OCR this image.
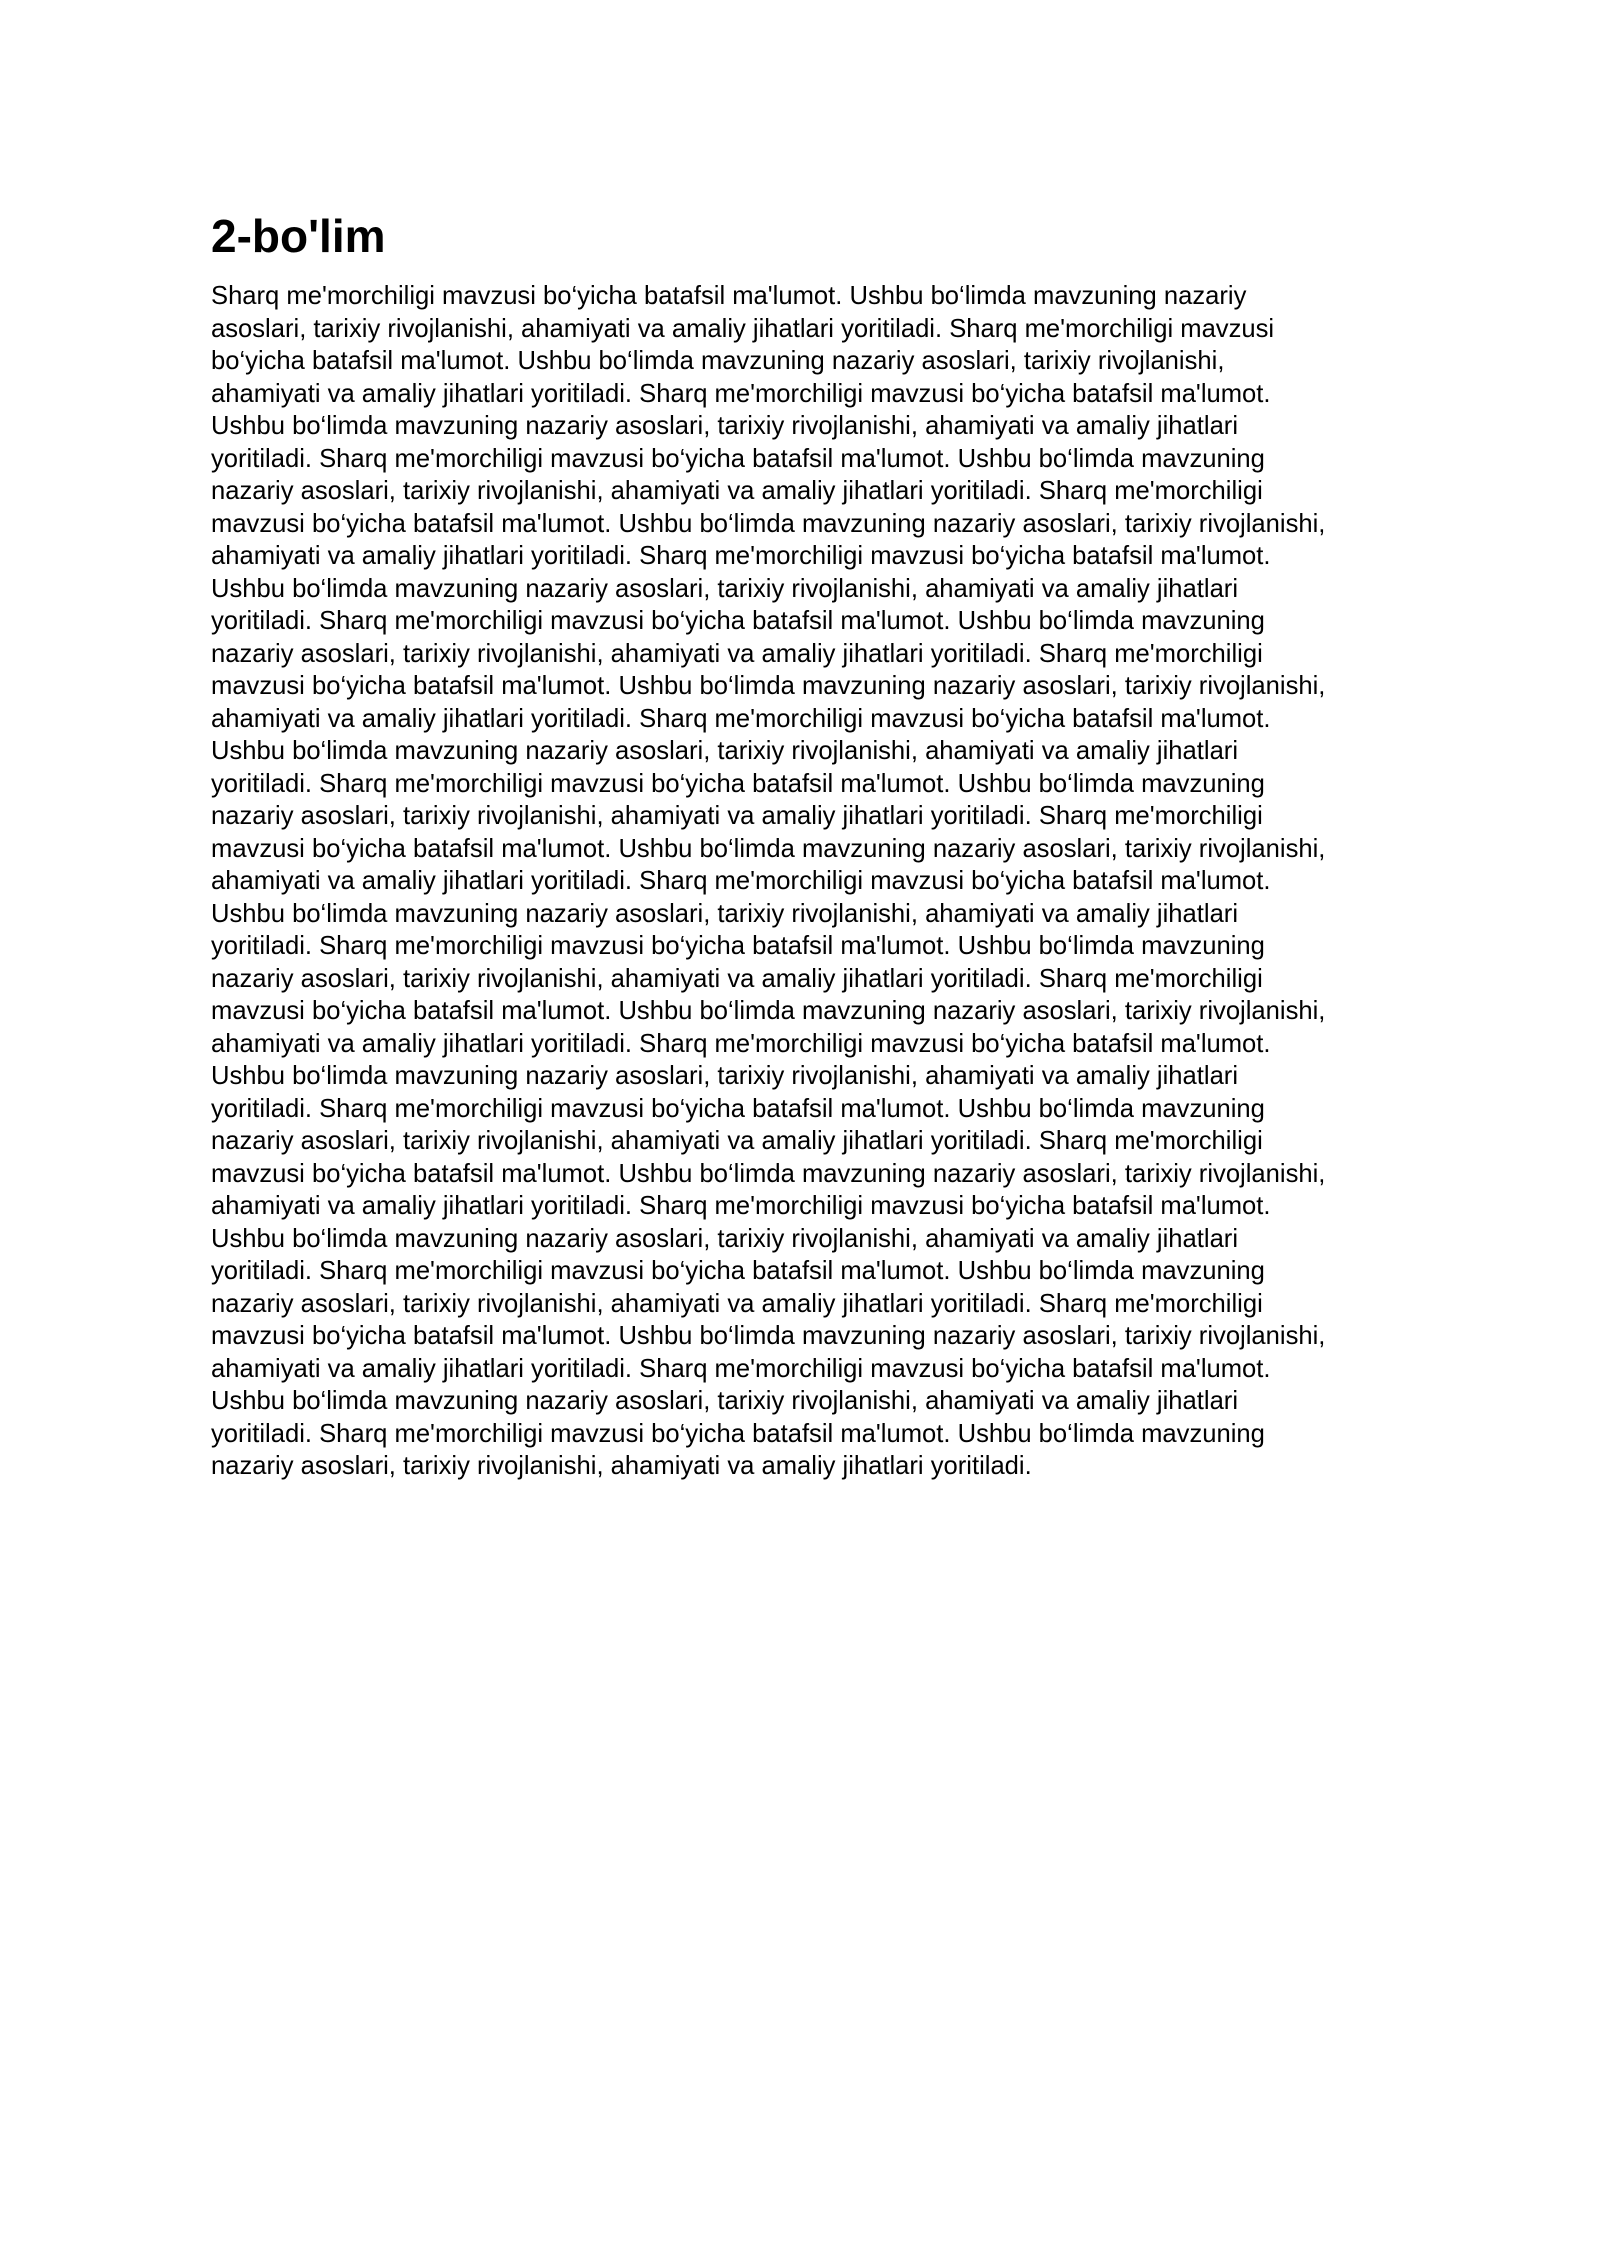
2-bo'lim

Sharq me'morchiligi mavzusi bo‘yicha batafsil ma'lumot. Ushbu bo‘limda mavzuning nazariy
asoslari, tarixiy rivojlanishi, ahamiyati va amaliy jihatlari yoritiladi. Sharq me'morchiligi mavzusi
bo‘yicha batafsil ma'lumot. Ushbu bo‘limda mavzuning nazariy asoslari, tarixiy rivojlanishi,
ahamiyati va amaliy jihatlari yoritiladi. Sharq me'morchiligi mavzusi bo‘yicha batafsil ma'lumot.
Ushbu bo‘limda mavzuning nazariy asoslari, tarixiy rivojlanishi, ahamiyati va amaliy jihatlari
yoritiladi. Sharq me'morchiligi mavzusi bo‘yicha batafsil ma'lumot. Ushbu bo‘limda mavzuning
nazariy asoslari, tarixiy rivojlanishi, ahamiyati va amaliy jihatlari yoritiladi. Sharq me'morchiligi
mavzusi bo‘yicha batafsil ma'lumot. Ushbu bo‘limda mavzuning nazariy asoslari, tarixiy rivojlanishi,
ahamiyati va amaliy jihatlari yoritiladi. Sharq me'morchiligi mavzusi bo‘yicha batafsil ma'lumot.
Ushbu bo‘limda mavzuning nazariy asoslari, tarixiy rivojlanishi, ahamiyati va amaliy jihatlari
yoritiladi. Sharq me'morchiligi mavzusi bo‘yicha batafsil ma'lumot. Ushbu bo‘limda mavzuning
nazariy asoslari, tarixiy rivojlanishi, ahamiyati va amaliy jihatlari yoritiladi. Sharq me'morchiligi
mavzusi bo‘yicha batafsil ma'lumot. Ushbu bo‘limda mavzuning nazariy asoslari, tarixiy rivojlanishi,
ahamiyati va amaliy jihatlari yoritiladi. Sharq me'morchiligi mavzusi bo‘yicha batafsil ma'lumot.
Ushbu bo‘limda mavzuning nazariy asoslari, tarixiy rivojlanishi, ahamiyati va amaliy jihatlari
yoritiladi. Sharq me'morchiligi mavzusi bo‘yicha batafsil ma'lumot. Ushbu bo‘limda mavzuning
nazariy asoslari, tarixiy rivojlanishi, ahamiyati va amaliy jihatlari yoritiladi. Sharq me'morchiligi
mavzusi bo‘yicha batafsil ma'lumot. Ushbu bo‘limda mavzuning nazariy asoslari, tarixiy rivojlanishi,
ahamiyati va amaliy jihatlari yoritiladi. Sharq me'morchiligi mavzusi bo‘yicha batafsil ma'lumot.
Ushbu bo‘limda mavzuning nazariy asoslari, tarixiy rivojlanishi, ahamiyati va amaliy jihatlari
yoritiladi. Sharq me'morchiligi mavzusi bo‘yicha batafsil ma'lumot. Ushbu bo‘limda mavzuning
nazariy asoslari, tarixiy rivojlanishi, ahamiyati va amaliy jihatlari yoritiladi. Sharq me'morchiligi
mavzusi bo‘yicha batafsil ma'lumot. Ushbu bo‘limda mavzuning nazariy asoslari, tarixiy rivojlanishi,
ahamiyati va amaliy jihatlari yoritiladi. Sharq me'morchiligi mavzusi bo‘yicha batafsil ma'lumot.
Ushbu bo‘limda mavzuning nazariy asoslari, tarixiy rivojlanishi, ahamiyati va amaliy jihatlari
yoritiladi. Sharq me'morchiligi mavzusi bo‘yicha batafsil ma'lumot. Ushbu bo‘limda mavzuning
nazariy asoslari, tarixiy rivojlanishi, ahamiyati va amaliy jihatlari yoritiladi. Sharq me'morchiligi
mavzusi bo‘yicha batafsil ma'lumot. Ushbu bo‘limda mavzuning nazariy asoslari, tarixiy rivojlanishi,
ahamiyati va amaliy jihatlari yoritiladi. Sharq me'morchiligi mavzusi bo‘yicha batafsil ma'lumot.
Ushbu bo‘limda mavzuning nazariy asoslari, tarixiy rivojlanishi, ahamiyati va amaliy jihatlari
yoritiladi. Sharq me'morchiligi mavzusi bo‘yicha batafsil ma'lumot. Ushbu bo‘limda mavzuning
nazariy asoslari, tarixiy rivojlanishi, ahamiyati va amaliy jihatlari yoritiladi. Sharq me'morchiligi
mavzusi bo‘yicha batafsil ma'lumot. Ushbu bo‘limda mavzuning nazariy asoslari, tarixiy rivojlanishi,
ahamiyati va amaliy jihatlari yoritiladi. Sharq me'morchiligi mavzusi bo‘yicha batafsil ma'lumot.
Ushbu bo‘limda mavzuning nazariy asoslari, tarixiy rivojlanishi, ahamiyati va amaliy jihatlari
yoritiladi. Sharq me'morchiligi mavzusi bo‘yicha batafsil ma'lumot. Ushbu bo‘limda mavzuning
nazariy asoslari, tarixiy rivojlanishi, ahamiyati va amaliy jihatlari yoritiladi.
